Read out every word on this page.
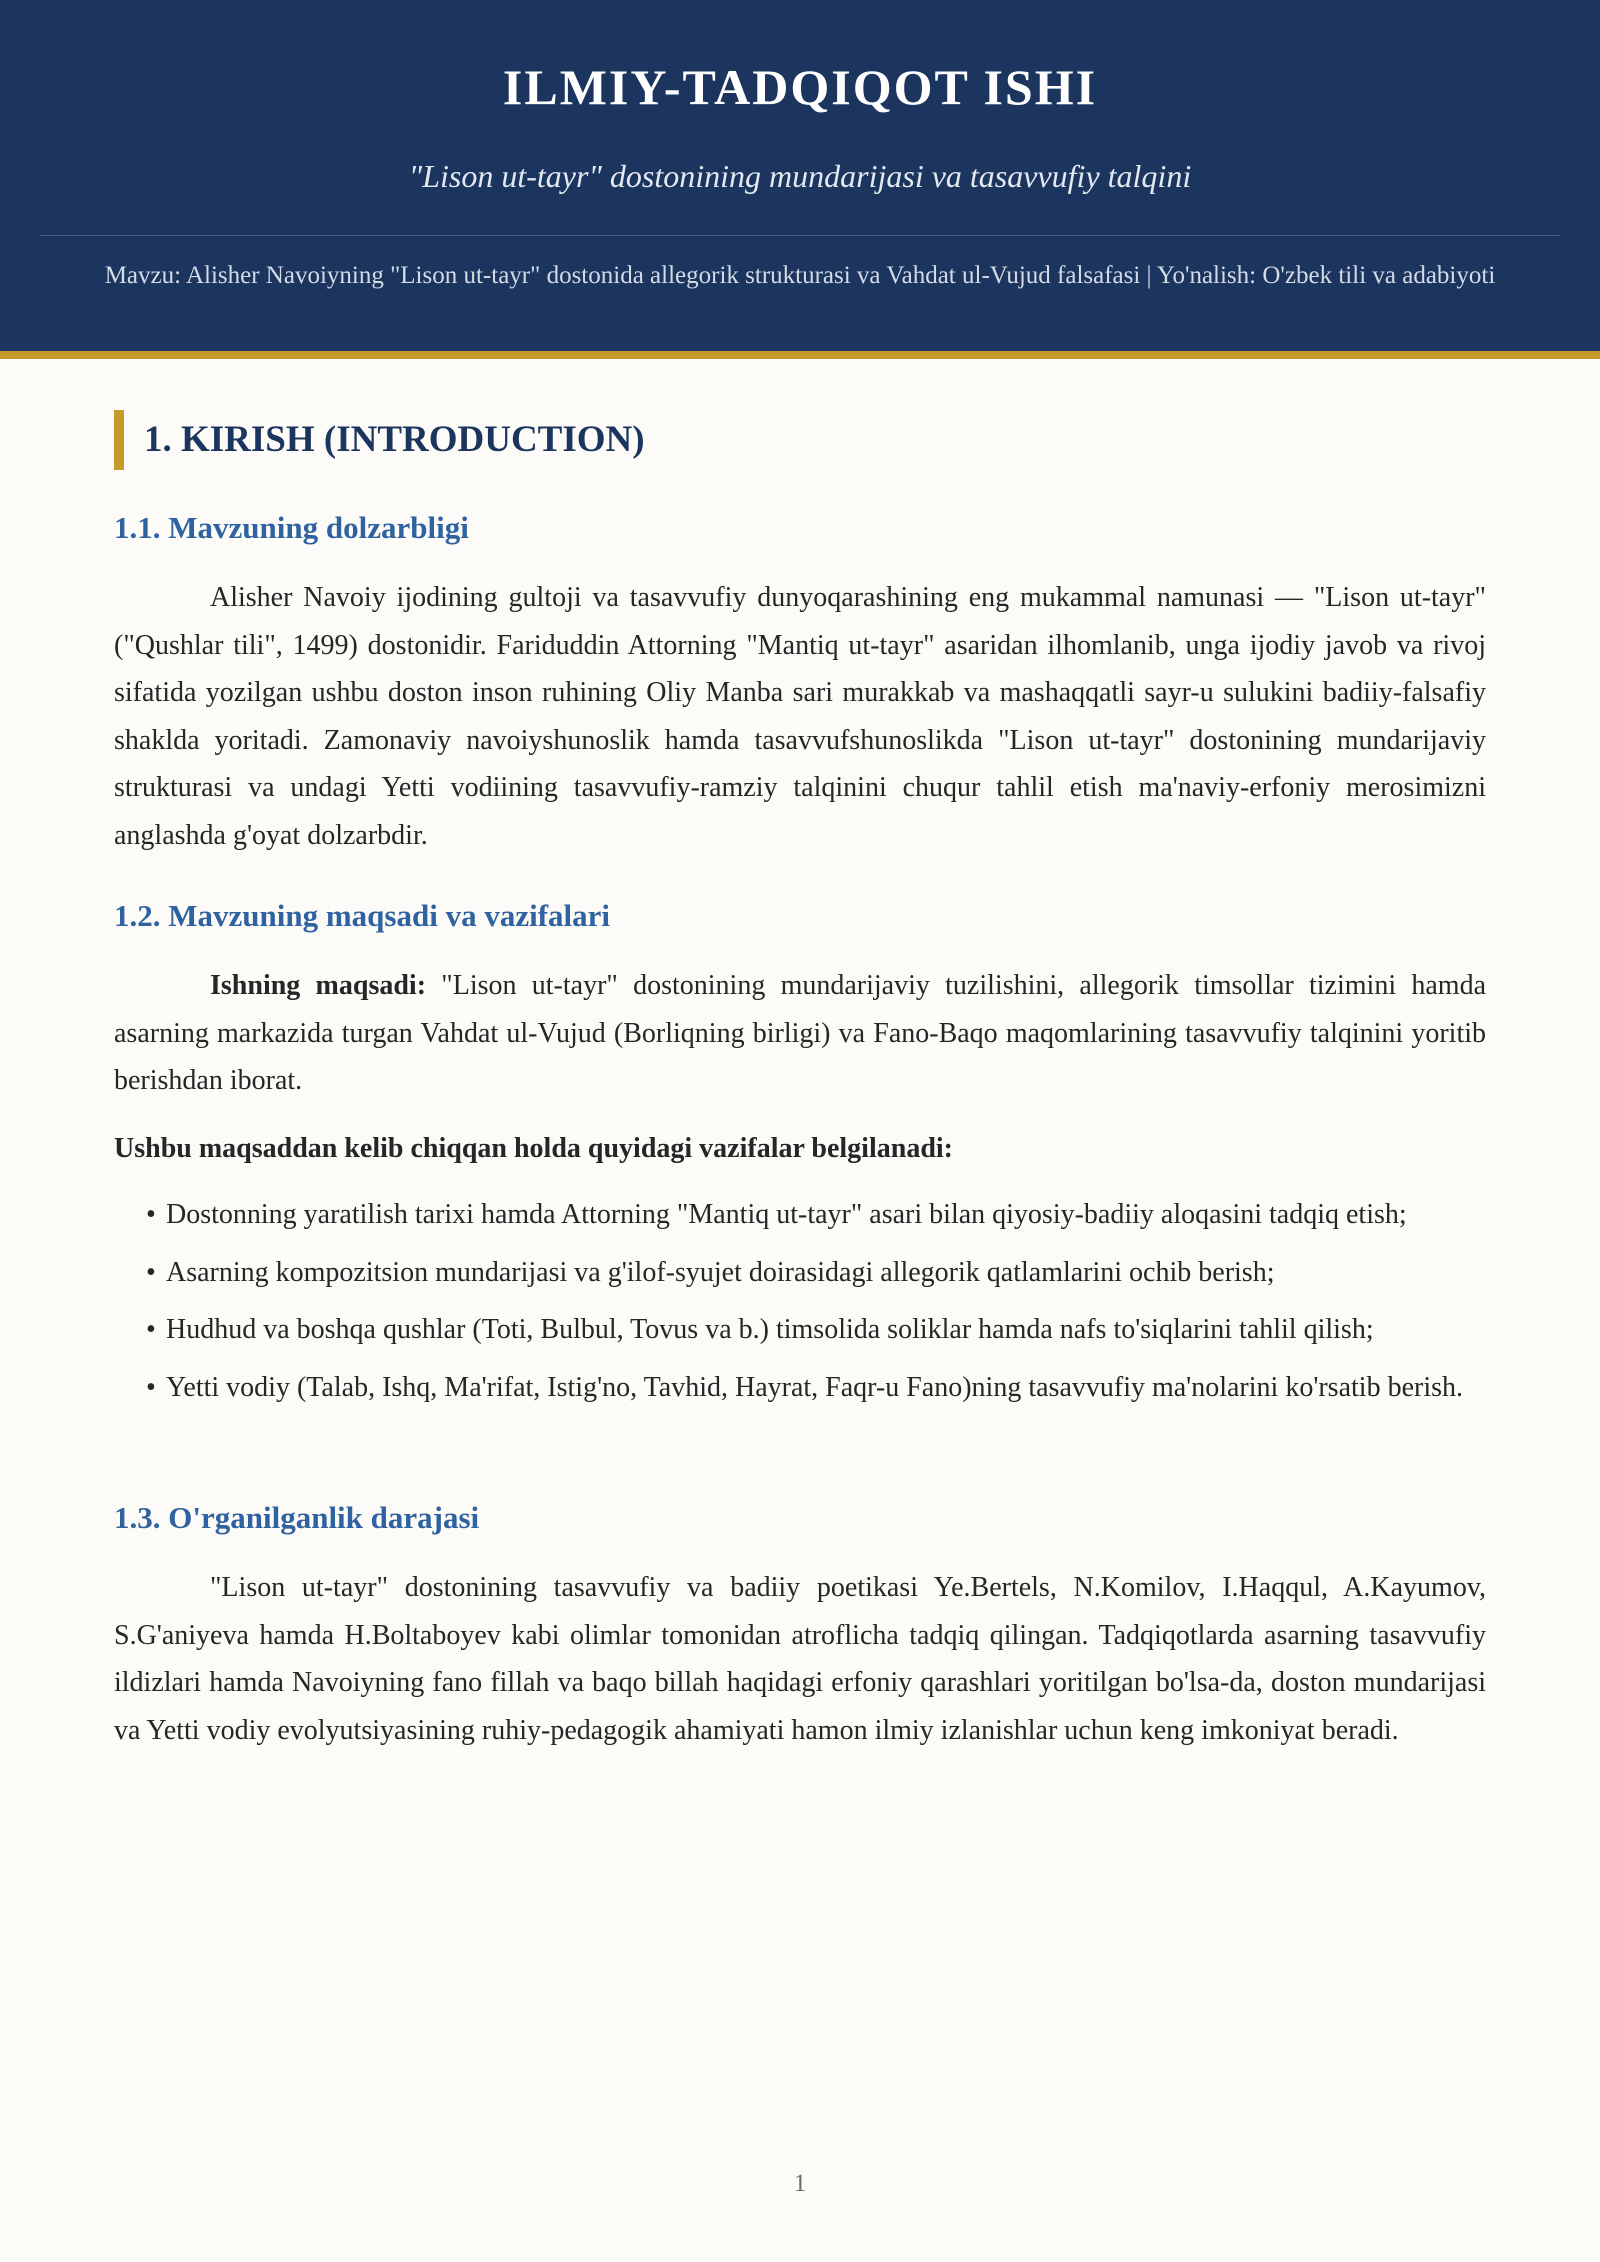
ILMIY-TADQIQOT ISHI
"Lison ut-tayr" dostonining mundarijasi va tasavvufiy talqini
Mavzu: Alisher Navoiyning "Lison ut-tayr" dostonida allegorik strukturasi va Vahdat ul-Vujud falsafasi | Yo'nalish: O'zbek tili va adabiyoti
1. KIRISH (INTRODUCTION)
1.1. Mavzuning dolzarbligi

Alisher Navoiy ijodining gultoji va tasavvufiy dunyoqarashining eng mukammal namunasi — "Lison ut-tayr" ("Qushlar tili", 1499) dostonidir. Fariduddin Attorning "Mantiq ut-tayr" asaridan ilhomlanib, unga ijodiy javob va rivoj sifatida yozilgan ushbu doston inson ruhining Oliy Manba sari murakkab va mashaqqatli sayr-u sulukini badiiy-falsafiy shaklda yoritadi. Zamonaviy navoiyshunoslik hamda tasavvufshunoslikda "Lison ut-tayr" dostonining mundarijaviy strukturasi va undagi Yetti vodiining tasavvufiy-ramziy talqinini chuqur tahlil etish ma'naviy-erfoniy merosimizni anglashda g'oyat dolzarbdir.

1.2. Mavzuning maqsadi va vazifalari

Ishning maqsadi: "Lison ut-tayr" dostonining mundarijaviy tuzilishini, allegorik timsollar tizimini hamda asarning markazida turgan Vahdat ul-Vujud (Borliqning birligi) va Fano-Baqo maqomlarining tasavvufiy talqinini yoritib berishdan iborat.

Ushbu maqsaddan kelib chiqqan holda quyidagi vazifalar belgilanadi:

• Dostonning yaratilish tarixi hamda Attorning "Mantiq ut-tayr" asari bilan qiyosiy-badiiy aloqasini tadqiq etish;
• Asarning kompozitsion mundarijasi va g'ilof-syujet doirasidagi allegorik qatlamlarini ochib berish;
• Hudhud va boshqa qushlar (Toti, Bulbul, Tovus va b.) timsolida soliklar hamda nafs to'siqlarini tahlil qilish;
• Yetti vodiy (Talab, Ishq, Ma'rifat, Istig'no, Tavhid, Hayrat, Faqr-u Fano)ning tasavvufiy ma'nolarini ko'rsatib berish.
1.3. O'rganilganlik darajasi

"Lison ut-tayr" dostonining tasavvufiy va badiiy poetikasi Ye.Bertels, N.Komilov, I.Haqqul, A.Kayumov, S.G'aniyeva hamda H.Boltaboyev kabi olimlar tomonidan atroflicha tadqiq qilingan. Tadqiqotlarda asarning tasavvufiy ildizlari hamda Navoiyning fano fillah va baqo billah haqidagi erfoniy qarashlari yoritilgan bo'lsa-da, doston mundarijasi va Yetti vodiy evolyutsiyasining ruhiy-pedagogik ahamiyati hamon ilmiy izlanishlar uchun keng imkoniyat beradi.

1
